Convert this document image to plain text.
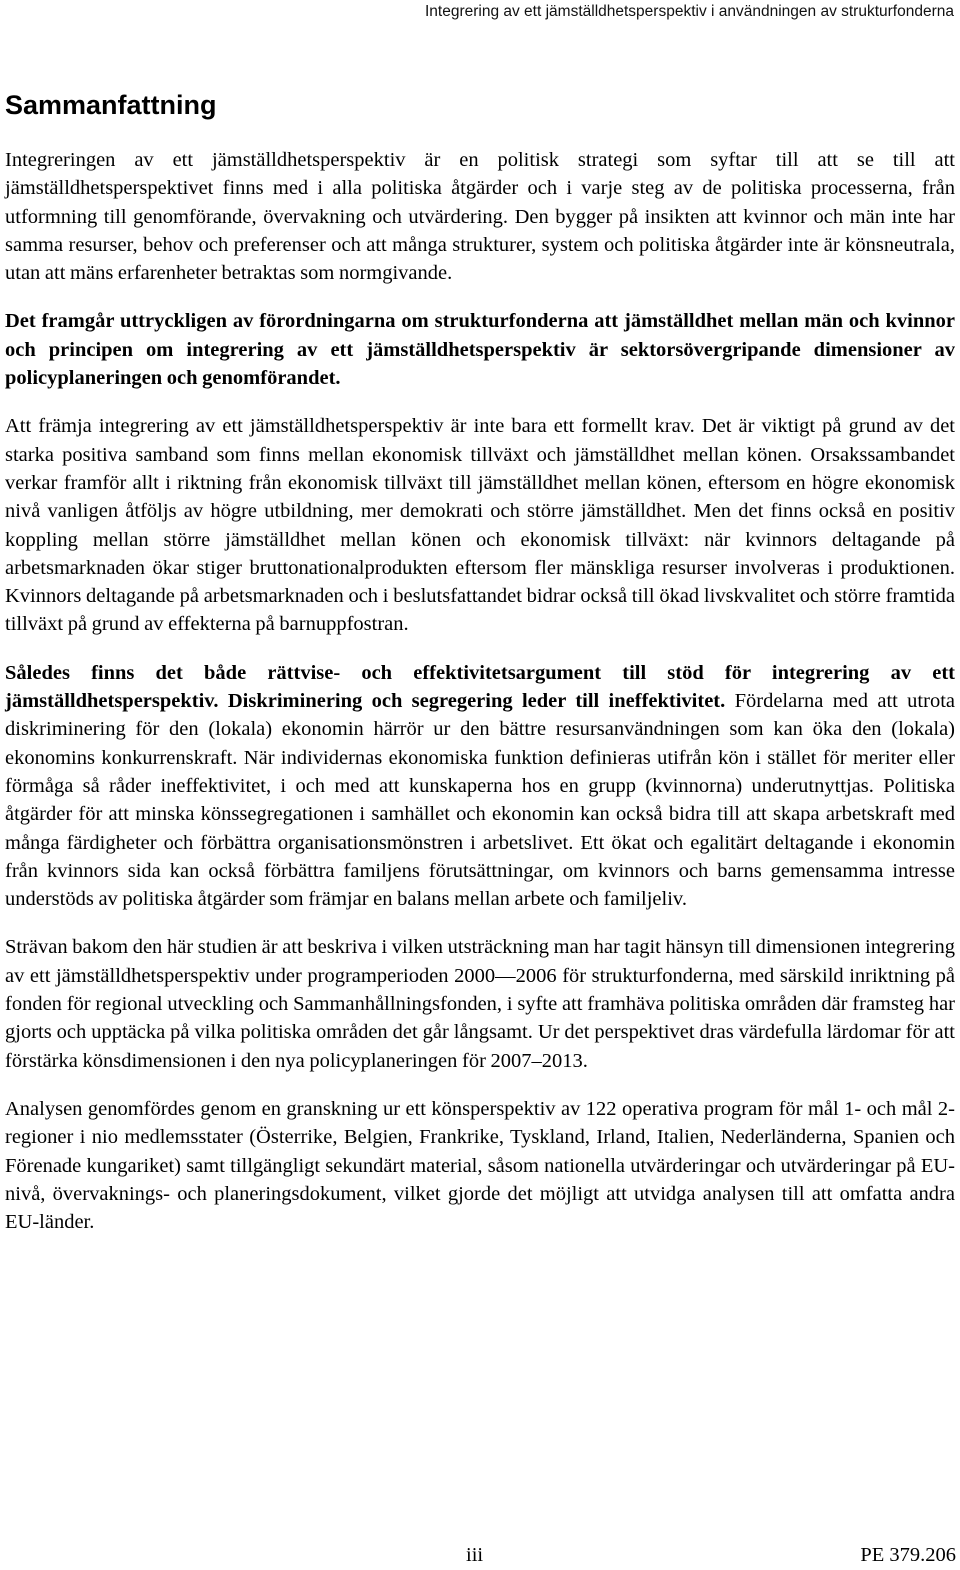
Integrering av ett jämställdhetsperspektiv i användningen av strukturfonderna
Sammanfattning

Integreringen av ett jämställdhetsperspektiv är en politisk strategi som syftar till att se till att jämställdhetsperspektivet finns med i alla politiska åtgärder och i varje steg av de politiska processerna, från utformning till genomförande, övervakning och utvärdering. Den bygger på insikten att kvinnor och män inte har samma resurser, behov och preferenser och att många strukturer, system och politiska åtgärder inte är könsneutrala, utan att mäns erfarenheter betraktas som normgivande.

Det framgår uttryckligen av förordningarna om strukturfonderna att jämställdhet mellan män och kvinnor och principen om integrering av ett jämställdhetsperspektiv är sektorsövergripande dimensioner av policyplaneringen och genomförandet.

Att främja integrering av ett jämställdhetsperspektiv är inte bara ett formellt krav. Det är viktigt på grund av det starka positiva samband som finns mellan ekonomisk tillväxt och jämställdhet mellan könen. Orsakssambandet verkar framför allt i riktning från ekonomisk tillväxt till jämställdhet mellan könen, eftersom en högre ekonomisk nivå vanligen åtföljs av högre utbildning, mer demokrati och större jämställdhet. Men det finns också en positiv koppling mellan större jämställdhet mellan könen och ekonomisk tillväxt: när kvinnors deltagande på arbetsmarknaden ökar stiger bruttonationalprodukten eftersom fler mänskliga resurser involveras i produktionen. Kvinnors deltagande på arbetsmarknaden och i beslutsfattandet bidrar också till ökad livskvalitet och större framtida tillväxt på grund av effekterna på barnuppfostran.

Således finns det både rättvise- och effektivitetsargument till stöd för integrering av ett jämställdhetsperspektiv. Diskriminering och segregering leder till ineffektivitet. Fördelarna med att utrota diskriminering för den (lokala) ekonomin härrör ur den bättre resursanvändningen som kan öka den (lokala) ekonomins konkurrenskraft. När individernas ekonomiska funktion definieras utifrån kön i stället för meriter eller förmåga så råder ineffektivitet, i och med att kunskaperna hos en grupp (kvinnorna) underutnyttjas. Politiska åtgärder för att minska könssegregationen i samhället och ekonomin kan också bidra till att skapa arbetskraft med många färdigheter och förbättra organisationsmönstren i arbetslivet. Ett ökat och egalitärt deltagande i ekonomin från kvinnors sida kan också förbättra familjens förutsättningar, om kvinnors och barns gemensamma intresse understöds av politiska åtgärder som främjar en balans mellan arbete och familjeliv.

Strävan bakom den här studien är att beskriva i vilken utsträckning man har tagit hänsyn till dimensionen integrering av ett jämställdhetsperspektiv under programperioden 2000—2006 för strukturfonderna, med särskild inriktning på fonden för regional utveckling och Sammanhållningsfonden, i syfte att framhäva politiska områden där framsteg har gjorts och upptäcka på vilka politiska områden det går långsamt. Ur det perspektivet dras värdefulla lärdomar för att förstärka könsdimensionen i den nya policyplaneringen för 2007–2013.

Analysen genomfördes genom en granskning ur ett könsperspektiv av 122 operativa program för mål 1- och mål 2-regioner i nio medlemsstater (Österrike, Belgien, Frankrike, Tyskland, Irland, Italien, Nederländerna, Spanien och Förenade kungariket) samt tillgängligt sekundärt material, såsom nationella utvärderingar och utvärderingar på EU-nivå, övervaknings- och planeringsdokument, vilket gjorde det möjligt att utvidga analysen till att omfatta andra EU-länder.

iii	PE 379.206
